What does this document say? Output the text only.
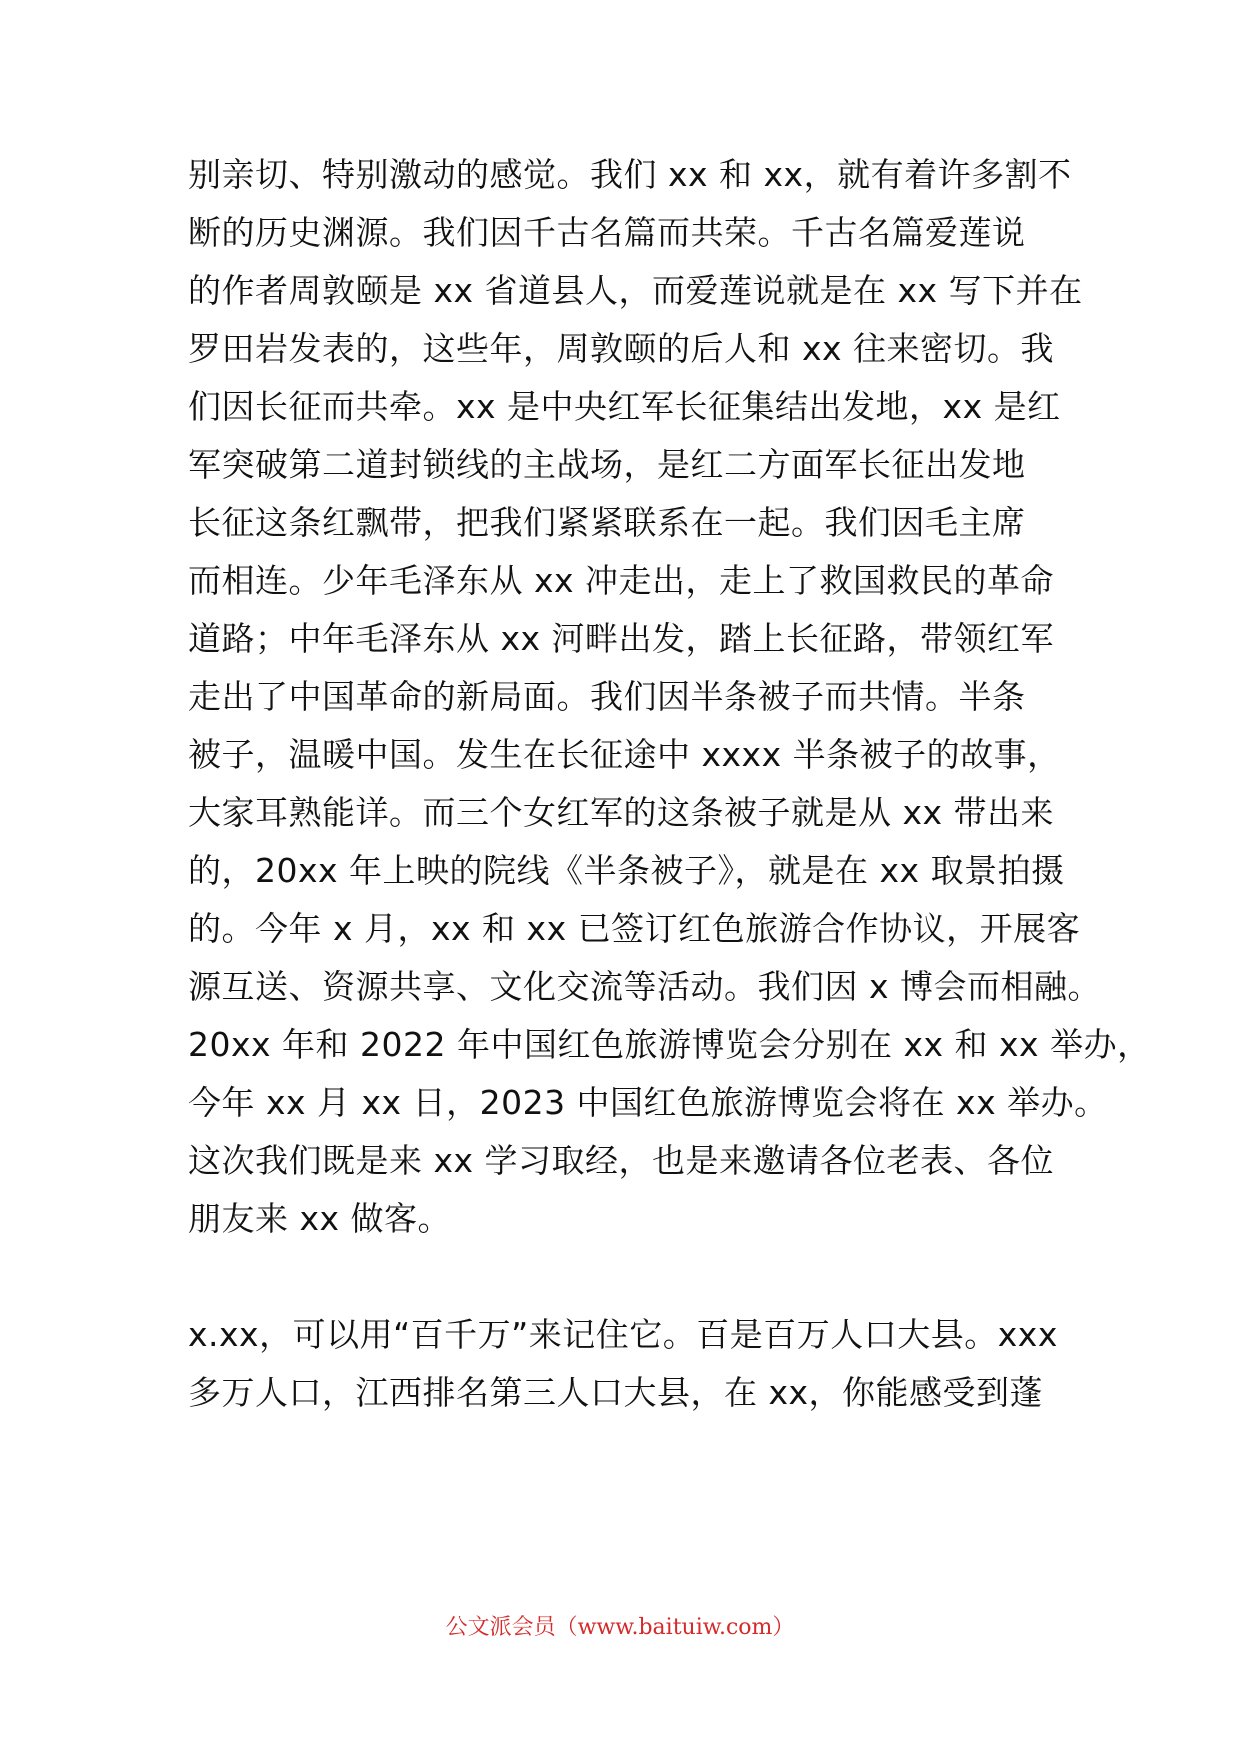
别亲切、特别激动的感觉。我们 xx 和 xx，就有着许多割不
断的历史渊源。我们因千古名篇而共荣。千古名篇爱莲说
的作者周敦颐是 xx 省道县人，而爱莲说就是在 xx 写下并在
罗田岩发表的，这些年，周敦颐的后人和 xx 往来密切。我
们因长征而共牵。xx 是中央红军长征集结出发地，xx 是红
军突破第二道封锁线的主战场，是红二方面军长征出发地
长征这条红飘带，把我们紧紧联系在一起。我们因毛主席
而相连。少年毛泽东从 xx 冲走出，走上了救国救民的革命
道路；中年毛泽东从 xx 河畔出发，踏上长征路，带领红军
走出了中国革命的新局面。我们因半条被子而共情。半条
被子，温暖中国。发生在长征途中 xxxx 半条被子的故事，
大家耳熟能详。而三个女红军的这条被子就是从 xx 带出来
的，20xx 年上映的院线《半条被子》，就是在 xx 取景拍摄
的。今年 x 月，xx 和 xx 已签订红色旅游合作协议，开展客
源互送、资源共享、文化交流等活动。我们因 x 博会而相融。
20xx 年和 2022 年中国红色旅游博览会分别在 xx 和 xx 举办，
今年 xx 月 xx 日，2023 中国红色旅游博览会将在 xx 举办。
这次我们既是来 xx 学习取经，也是来邀请各位老表、各位
朋友来 xx 做客。
x.xx，可以用“百千万”来记住它。百是百万人口大县。xxx
多万人口，江西排名第三人口大县，在 xx，你能感受到蓬
公文派会员（www.baituiw.com）
